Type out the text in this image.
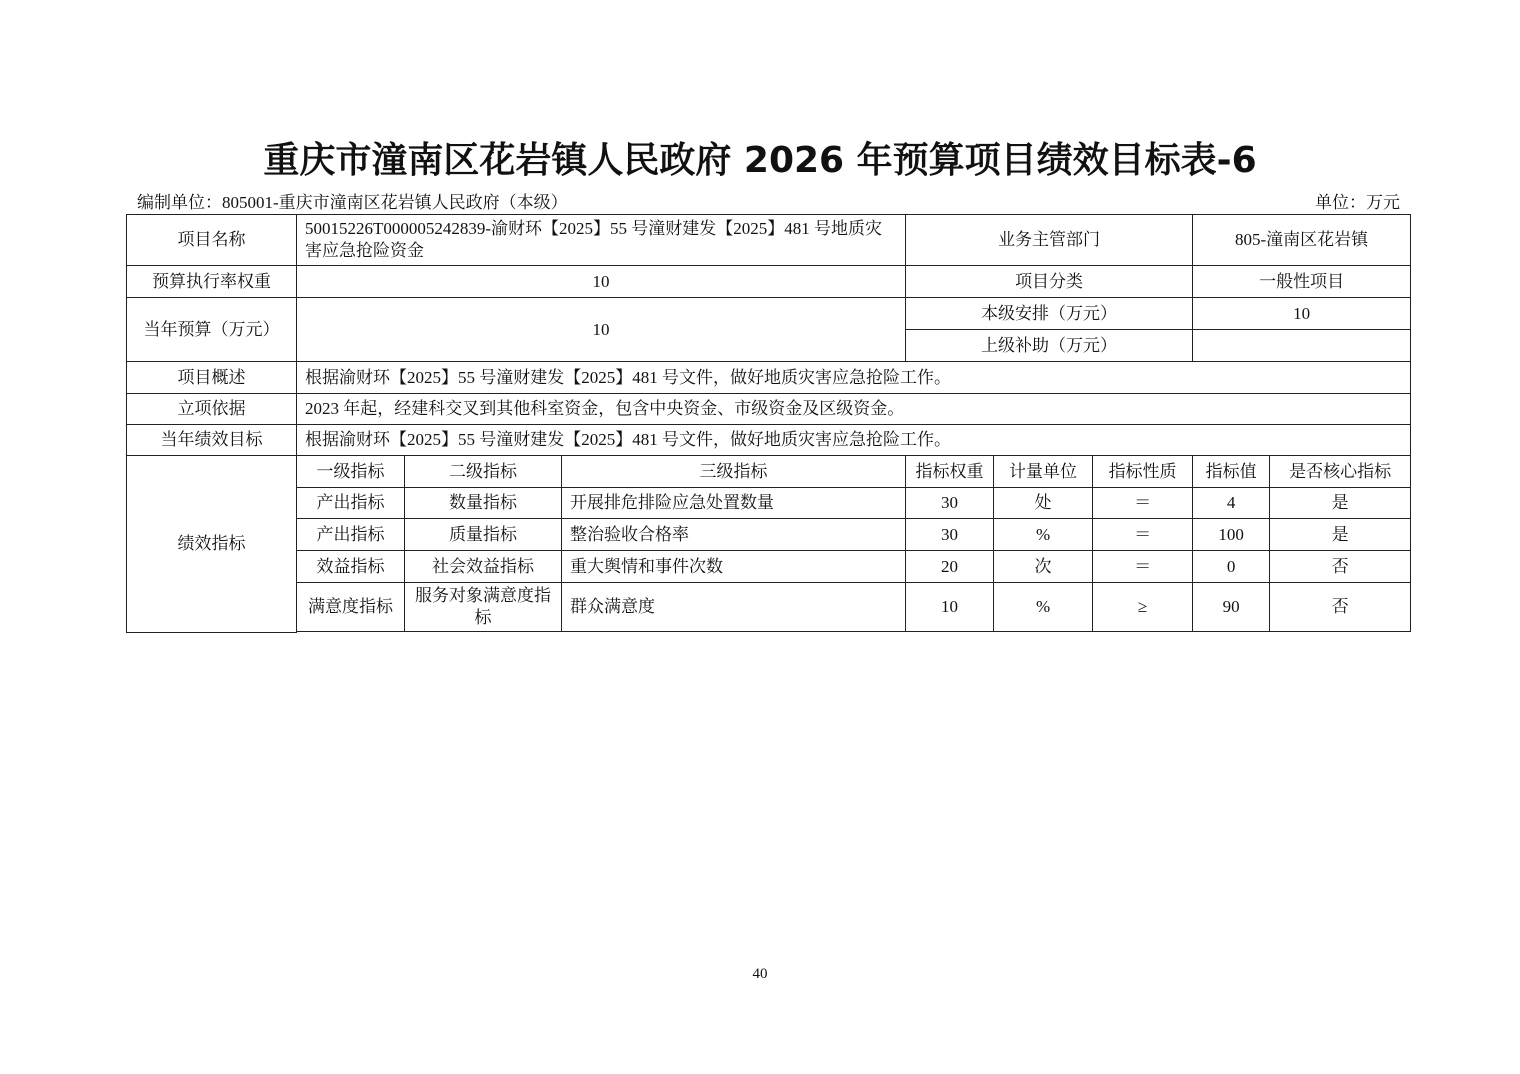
重庆市潼南区花岩镇人民政府 2026 年预算项目绩效目标表-6
编制单位：805001-重庆市潼南区花岩镇人民政府（本级）	单位：万元
项目名称	50015226T000005242839-渝财环【2025】55 号潼财建发【2025】481 号地质灾害应急抢险资金			业务主管部门			805-潼南区花岩镇	
预算执行率权重	10			项目分类			一般性项目	
当年预算（万元）	10			本级安排（万元）			10	
				上级补助（万元）				
项目概述	根据渝财环【2025】55 号潼财建发【2025】481 号文件，做好地质灾害应急抢险工作。							
立项依据	2023 年起，经建科交叉到其他科室资金，包含中央资金、市级资金及区级资金。							
当年绩效目标	根据渝财环【2025】55 号潼财建发【2025】481 号文件，做好地质灾害应急抢险工作。							
绩效指标	一级指标	二级指标	三级指标	指标权重	计量单位	指标性质	指标值	是否核心指标
	产出指标	数量指标	开展排危排险应急处置数量	30	处	＝	4	是
	产出指标	质量指标	整治验收合格率	30	%	＝	100	是
	效益指标	社会效益指标	重大舆情和事件次数	20	次	＝	0	否
	满意度指标	服务对象满意度指标	群众满意度	10	%	≥	90	否

40
